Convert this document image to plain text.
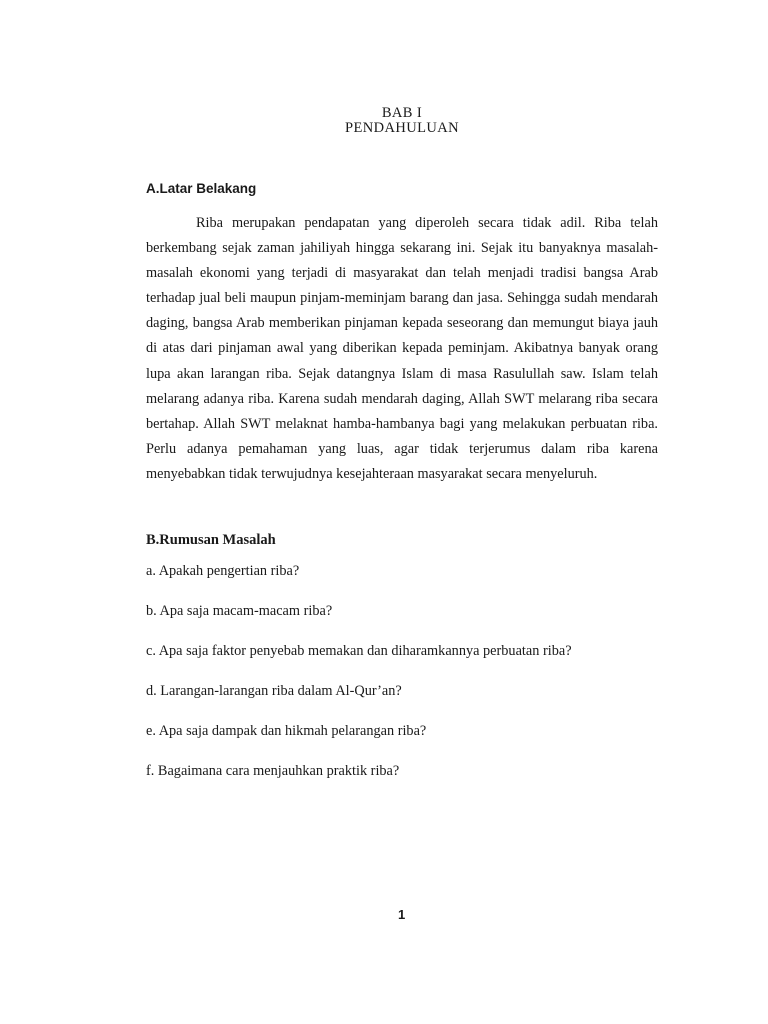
BAB I
PENDAHULUAN
A.Latar Belakang

Riba merupakan pendapatan yang diperoleh secara tidak adil. Riba telah berkembang sejak zaman jahiliyah hingga sekarang ini. Sejak itu banyaknya masalah-masalah ekonomi yang terjadi di masyarakat dan telah menjadi tradisi bangsa Arab terhadap jual beli maupun pinjam-meminjam barang dan jasa. Sehingga sudah mendarah daging, bangsa Arab memberikan pinjaman kepada seseorang dan memungut biaya jauh di atas dari pinjaman awal yang diberikan kepada peminjam. Akibatnya banyak orang lupa akan larangan riba. Sejak datangnya Islam di masa Rasulullah saw. Islam telah melarang adanya riba. Karena sudah mendarah daging, Allah SWT melarang riba secara bertahap. Allah SWT melaknat hamba-hambanya bagi yang melakukan perbuatan riba. Perlu adanya pemahaman yang luas, agar tidak terjerumus dalam riba karena menyebabkan tidak terwujudnya kesejahteraan masyarakat secara menyeluruh.

B.Rumusan Masalah
a. Apakah pengertian riba?
b. Apa saja macam-macam riba?
c. Apa saja faktor penyebab memakan dan diharamkannya perbuatan riba?
d. Larangan-larangan riba dalam Al-Qur’an?
e. Apa saja dampak dan hikmah pelarangan riba?
f. Bagaimana cara menjauhkan praktik riba?
1
